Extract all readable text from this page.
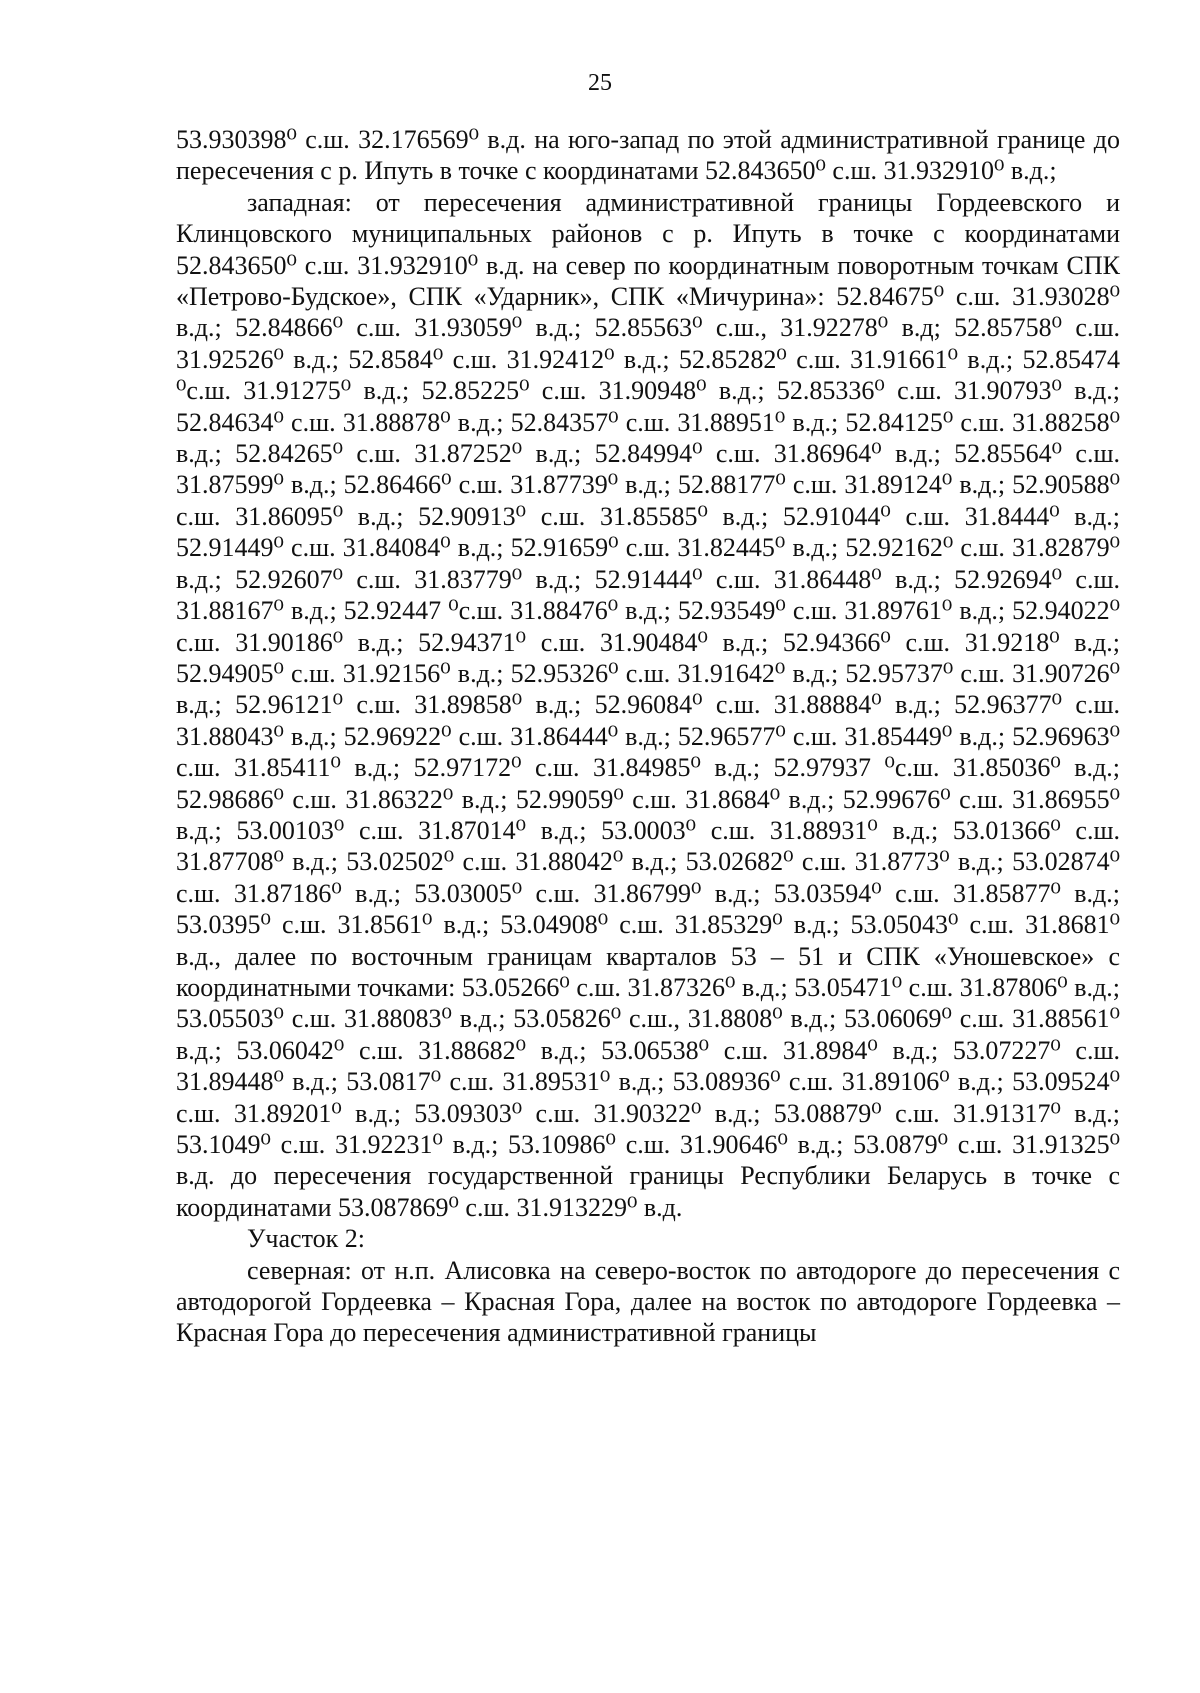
25

53.930398⁰ с.ш. 32.176569⁰ в.д. на юго-запад по этой административной границе до пересечения с р. Ипуть в точке с координатами 52.843650⁰ с.ш. 31.932910⁰ в.д.;

западная: от пересечения административной границы Гордеевского и Клинцовского муниципальных районов с р. Ипуть в точке с координатами 52.843650⁰ с.ш. 31.932910⁰ в.д. на север по координатным поворотным точкам СПК «Петрово-Будское», СПК «Ударник», СПК «Мичурина»: 52.84675⁰ с.ш. 31.93028⁰ в.д.; 52.84866⁰ с.ш. 31.93059⁰ в.д.; 52.85563⁰ с.ш., 31.92278⁰ в.д; 52.85758⁰ с.ш. 31.92526⁰ в.д.; 52.8584⁰ с.ш. 31.92412⁰ в.д.; 52.85282⁰ с.ш. 31.91661⁰ в.д.; 52.85474 ⁰с.ш. 31.91275⁰ в.д.; 52.85225⁰ с.ш. 31.90948⁰ в.д.; 52.85336⁰ с.ш. 31.90793⁰ в.д.; 52.84634⁰ с.ш. 31.88878⁰ в.д.; 52.84357⁰ с.ш. 31.88951⁰ в.д.; 52.84125⁰ с.ш. 31.88258⁰ в.д.; 52.84265⁰ с.ш. 31.87252⁰ в.д.; 52.84994⁰ с.ш. 31.86964⁰ в.д.; 52.85564⁰ с.ш. 31.87599⁰ в.д.; 52.86466⁰ с.ш. 31.87739⁰ в.д.; 52.88177⁰ с.ш. 31.89124⁰ в.д.; 52.90588⁰ с.ш. 31.86095⁰ в.д.; 52.90913⁰ с.ш. 31.85585⁰ в.д.; 52.91044⁰ с.ш. 31.8444⁰ в.д.; 52.91449⁰ с.ш. 31.84084⁰ в.д.; 52.91659⁰ с.ш. 31.82445⁰ в.д.; 52.92162⁰ с.ш. 31.82879⁰ в.д.; 52.92607⁰ с.ш. 31.83779⁰ в.д.; 52.91444⁰ с.ш. 31.86448⁰ в.д.; 52.92694⁰ с.ш. 31.88167⁰ в.д.; 52.92447 ⁰с.ш. 31.88476⁰ в.д.; 52.93549⁰ с.ш. 31.89761⁰ в.д.; 52.94022⁰ с.ш. 31.90186⁰ в.д.; 52.94371⁰ с.ш. 31.90484⁰ в.д.; 52.94366⁰ с.ш. 31.9218⁰ в.д.; 52.94905⁰ с.ш. 31.92156⁰ в.д.; 52.95326⁰ с.ш. 31.91642⁰ в.д.; 52.95737⁰ с.ш. 31.90726⁰ в.д.; 52.96121⁰ с.ш. 31.89858⁰ в.д.; 52.96084⁰ с.ш. 31.88884⁰ в.д.; 52.96377⁰ с.ш. 31.88043⁰ в.д.; 52.96922⁰ с.ш. 31.86444⁰ в.д.; 52.96577⁰ с.ш. 31.85449⁰ в.д.; 52.96963⁰ с.ш. 31.85411⁰ в.д.; 52.97172⁰ с.ш. 31.84985⁰ в.д.; 52.97937 ⁰с.ш. 31.85036⁰ в.д.; 52.98686⁰ с.ш. 31.86322⁰ в.д.; 52.99059⁰ с.ш. 31.8684⁰ в.д.; 52.99676⁰ с.ш. 31.86955⁰ в.д.; 53.00103⁰ с.ш. 31.87014⁰ в.д.; 53.0003⁰ с.ш. 31.88931⁰ в.д.; 53.01366⁰ с.ш. 31.87708⁰ в.д.; 53.02502⁰ с.ш. 31.88042⁰ в.д.; 53.02682⁰ с.ш. 31.8773⁰ в.д.; 53.02874⁰ с.ш. 31.87186⁰ в.д.; 53.03005⁰ с.ш. 31.86799⁰ в.д.; 53.03594⁰ с.ш. 31.85877⁰ в.д.; 53.0395⁰ с.ш. 31.8561⁰ в.д.; 53.04908⁰ с.ш. 31.85329⁰ в.д.; 53.05043⁰ с.ш. 31.8681⁰ в.д., далее по восточным границам кварталов 53 – 51 и СПК «Уношевское» с координатными точками: 53.05266⁰ с.ш. 31.87326⁰ в.д.; 53.05471⁰ с.ш. 31.87806⁰ в.д.; 53.05503⁰ с.ш. 31.88083⁰ в.д.; 53.05826⁰ с.ш., 31.8808⁰ в.д.; 53.06069⁰ с.ш. 31.88561⁰ в.д.; 53.06042⁰ с.ш. 31.88682⁰ в.д.; 53.06538⁰ с.ш. 31.8984⁰ в.д.; 53.07227⁰ с.ш. 31.89448⁰ в.д.; 53.0817⁰ с.ш. 31.89531⁰ в.д.; 53.08936⁰ с.ш. 31.89106⁰ в.д.; 53.09524⁰ с.ш. 31.89201⁰ в.д.; 53.09303⁰ с.ш. 31.90322⁰ в.д.; 53.08879⁰ с.ш. 31.91317⁰ в.д.; 53.1049⁰ с.ш. 31.92231⁰ в.д.; 53.10986⁰ с.ш. 31.90646⁰ в.д.; 53.0879⁰ с.ш. 31.91325⁰ в.д. до пересечения государственной границы Республики Беларусь в точке с координатами 53.087869⁰ с.ш. 31.913229⁰ в.д.

Участок 2:

северная: от н.п. Алисовка на северо-восток по автодороге до пересечения с автодорогой Гордеевка – Красная Гора, далее на восток по автодороге Гордеевка – Красная Гора до пересечения административной границы
